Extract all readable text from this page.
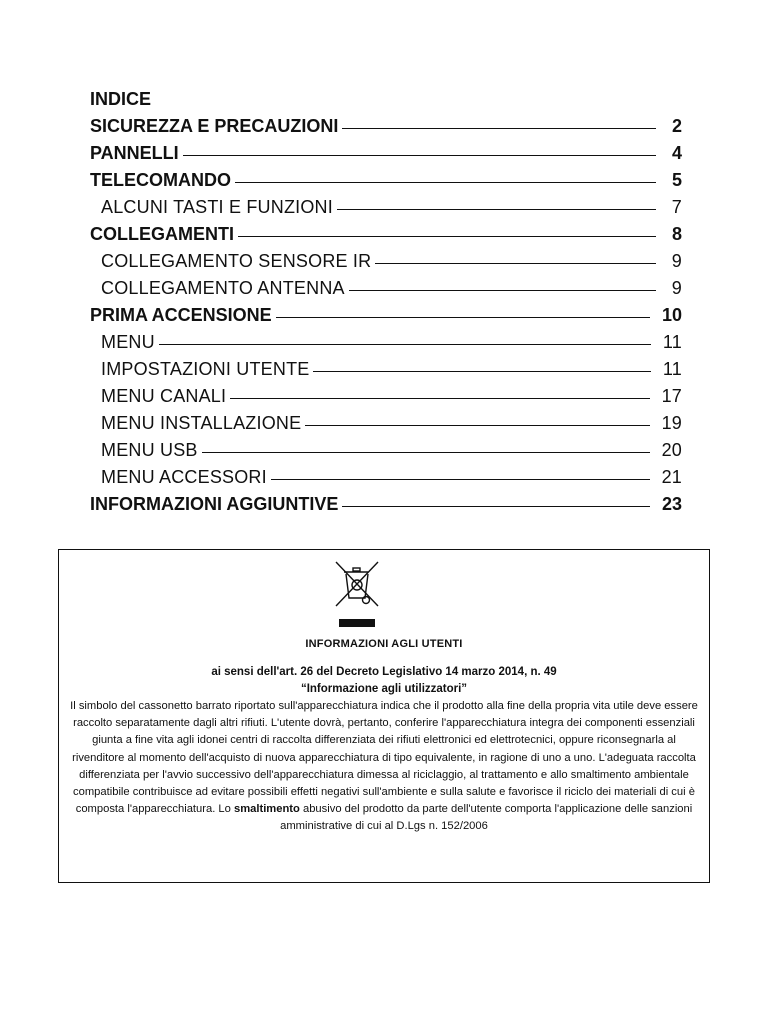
INDICE
SICUREZZA E PRECAUZIONI	2
PANNELLI	4
TELECOMANDO	5
ALCUNI TASTI E FUNZIONI	7
COLLEGAMENTI	8
COLLEGAMENTO SENSORE IR	9
COLLEGAMENTO ANTENNA	9
PRIMA ACCENSIONE	10
MENU	11
IMPOSTAZIONI UTENTE	11
MENU CANALI	17
MENU INSTALLAZIONE	19
MENU USB	20
MENU ACCESSORI	21
INFORMAZIONI AGGIUNTIVE	23
INFORMAZIONI AGLI UTENTI
ai sensi dell'art. 26 del Decreto Legislativo 14 marzo 2014, n. 49
“Informazione agli utilizzatori”
Il simbolo del cassonetto barrato riportato sull'apparecchiatura indica che il prodotto alla fine della propria vita utile deve essere raccolto separatamente dagli altri rifiuti. L'utente dovrà, pertanto, conferire l'apparecchiatura integra dei componenti essenziali giunta a fine vita agli idonei centri di raccolta differenziata dei rifiuti elettronici ed elettrotecnici, oppure riconsegnarla al rivenditore al momento dell'acquisto di nuova apparecchiatura di tipo equivalente, in ragione di uno a uno. L'adeguata raccolta differenziata per l'avvio successivo dell'apparecchiatura dimessa al riciclaggio, al trattamento e allo smaltimento ambientale compatibile contribuisce ad evitare possibili effetti negativi sull'ambiente e sulla salute e favorisce il riciclo dei materiali di cui è composta l'apparecchiatura. Lo smaltimento abusivo del prodotto da parte dell'utente comporta l'applicazione delle sanzioni amministrative di cui al D.Lgs n. 152/2006
